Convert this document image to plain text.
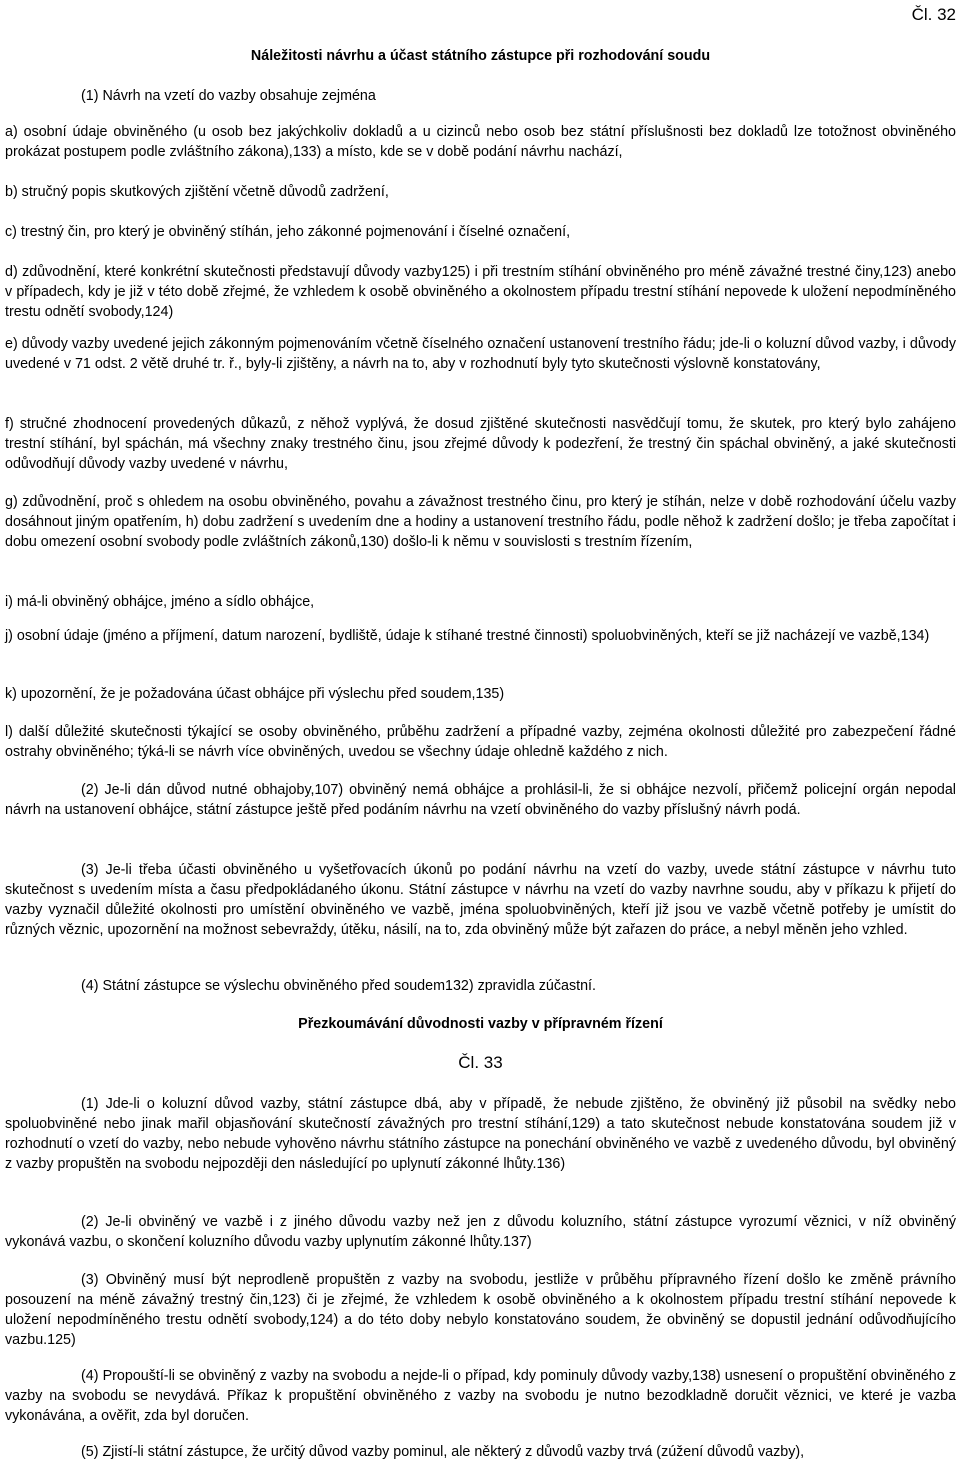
Čl. 32
Náležitosti návrhu a účast státního zástupce při rozhodování soudu
(1) Návrh na vzetí do vazby obsahuje zejména

a) osobní údaje obviněného (u osob bez jakýchkoliv dokladů a u cizinců nebo osob bez státní příslušnosti bez dokladů lze totožnost obviněného prokázat postupem podle zvláštního zákona),133) a místo, kde se v době podání návrhu nachází,

b) stručný popis skutkových zjištění včetně důvodů zadržení,

c) trestný čin, pro který je obviněný stíhán, jeho zákonné pojmenování i číselné označení,

d) zdůvodnění, které konkrétní skutečnosti představují důvody vazby125) i při trestním stíhání obviněného pro méně závažné trestné činy,123) anebo v případech, kdy je již v této době zřejmé, že vzhledem k osobě obviněného a okolnostem případu trestní stíhání nepovede k uložení nepodmíněného trestu odnětí svobody,124)

e) důvody vazby uvedené jejich zákonným pojmenováním včetně číselného označení ustanovení trestního řádu; jde-li o koluzní důvod vazby, i důvody uvedené v 71 odst. 2 větě druhé tr. ř., byly-li zjištěny, a návrh na to, aby v rozhodnutí byly tyto skutečnosti výslovně konstatovány,

f) stručné zhodnocení provedených důkazů, z něhož vyplývá, že dosud zjištěné skutečnosti nasvědčují tomu, že skutek, pro který bylo zahájeno trestní stíhání, byl spáchán, má všechny znaky trestného činu, jsou zřejmé důvody k podezření, že trestný čin spáchal obviněný, a jaké skutečnosti odůvodňují důvody vazby uvedené v návrhu,

g) zdůvodnění, proč s ohledem na osobu obviněného, povahu a závažnost trestného činu, pro který je stíhán, nelze v době rozhodování účelu vazby dosáhnout jiným opatřením, h) dobu zadržení s uvedením dne a hodiny a ustanovení trestního řádu, podle něhož k zadržení došlo; je třeba započítat i dobu omezení osobní svobody podle zvláštních zákonů,130) došlo-li k němu v souvislosti s trestním řízením,

i) má-li obviněný obhájce, jméno a sídlo obhájce,

j) osobní údaje (jméno a příjmení, datum narození, bydliště, údaje k stíhané trestné činnosti) spoluobviněných, kteří se již nacházejí ve vazbě,134)

k) upozornění, že je požadována účast obhájce při výslechu před soudem,135)

l) další důležité skutečnosti týkající se osoby obviněného, průběhu zadržení a případné vazby, zejména okolnosti důležité pro zabezpečení řádné ostrahy obviněného; týká-li se návrh více obviněných, uvedou se všechny údaje ohledně každého z nich.

(2) Je-li dán důvod nutné obhajoby,107) obviněný nemá obhájce a prohlásil-li, že si obhájce nezvolí, přičemž policejní orgán nepodal návrh na ustanovení obhájce, státní zástupce ještě před podáním návrhu na vzetí obviněného do vazby příslušný návrh podá.

(3) Je-li třeba účasti obviněného u vyšetřovacích úkonů po podání návrhu na vzetí do vazby, uvede státní zástupce v návrhu tuto skutečnost s uvedením místa a času předpokládaného úkonu. Státní zástupce v návrhu na vzetí do vazby navrhne soudu, aby v příkazu k přijetí do vazby vyznačil důležité okolnosti pro umístění obviněného ve vazbě, jména spoluobviněných, kteří již jsou ve vazbě včetně potřeby je umístit do různých věznic, upozornění na možnost sebevraždy, útěku, násilí, na to, zda obviněný může být zařazen do práce, a nebyl měněn jeho vzhled.

(4) Státní zástupce se výslechu obviněného před soudem132) zpravidla zúčastní.

Přezkoumávání důvodnosti vazby v přípravném řízení
Čl. 33

(1) Jde-li o koluzní důvod vazby, státní zástupce dbá, aby v případě, že nebude zjištěno, že obviněný již působil na svědky nebo spoluobviněné nebo jinak mařil objasňování skutečností závažných pro trestní stíhání,129) a tato skutečnost nebude konstatována soudem již v rozhodnutí o vzetí do vazby, nebo nebude vyhověno návrhu státního zástupce na ponechání obviněného ve vazbě z uvedeného důvodu, byl obviněný z vazby propuštěn na svobodu nejpozději den následující po uplynutí zákonné lhůty.136)

(2) Je-li obviněný ve vazbě i z jiného důvodu vazby než jen z důvodu koluzního, státní zástupce vyrozumí věznici, v níž obviněný vykonává vazbu, o skončení koluzního důvodu vazby uplynutím zákonné lhůty.137)

(3) Obviněný musí být neprodleně propuštěn z vazby na svobodu, jestliže v průběhu přípravného řízení došlo ke změně právního posouzení na méně závažný trestný čin,123) či je zřejmé, že vzhledem k osobě obviněného a k okolnostem případu trestní stíhání nepovede k uložení nepodmíněného trestu odnětí svobody,124) a do této doby nebylo konstatováno soudem, že obviněný se dopustil jednání odůvodňujícího vazbu.125)

(4) Propouští-li se obviněný z vazby na svobodu a nejde-li o případ, kdy pominuly důvody vazby,138) usnesení o propuštění obviněného z vazby na svobodu se nevydává. Příkaz k propuštění obviněného z vazby na svobodu je nutno bezodkladně doručit věznici, ve které je vazba vykonávána, a ověřit, zda byl doručen.

(5) Zjistí-li státní zástupce, že určitý důvod vazby pominul, ale některý z důvodů vazby trvá (zúžení důvodů vazby),
